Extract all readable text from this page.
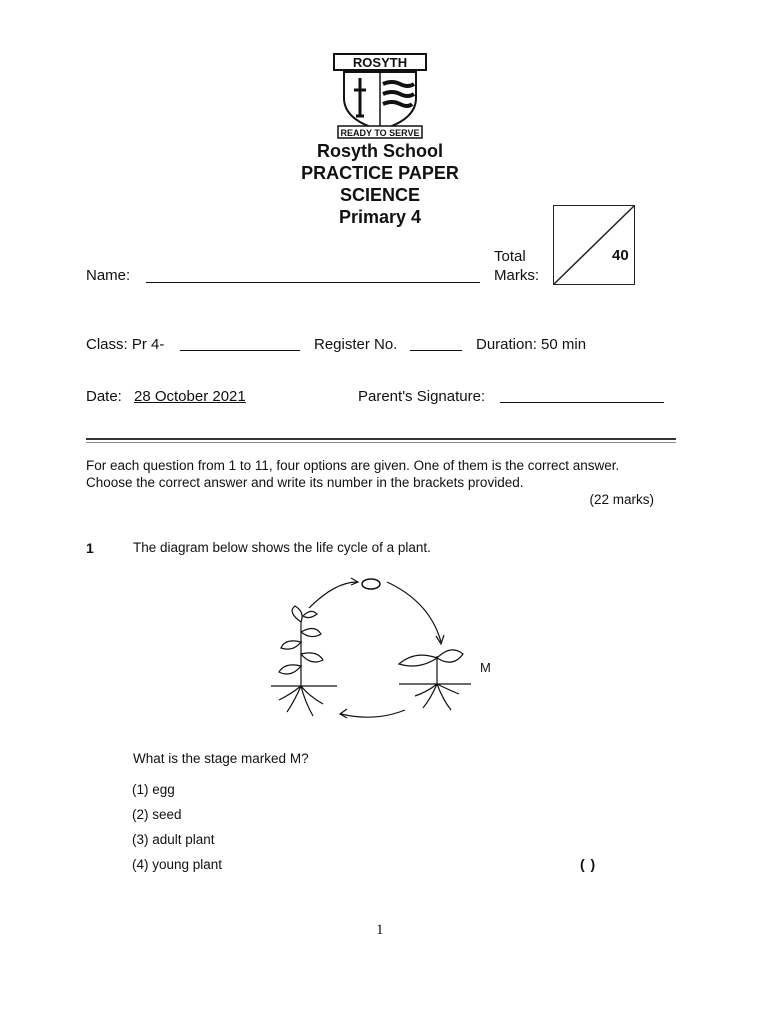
ROSYTH
READY TO SERVE
Rosyth School
PRACTICE PAPER
SCIENCE
Primary 4
Total
Marks:
40
Name:
Class: Pr 4-	Register No.	Duration: 50 min
Date: 28 October 2021	Parent's Signature:
For each question from 1 to 11, four options are given. One of them is the correct answer. Choose the correct answer and write its number in the brackets provided.
(22 marks)
1	The diagram below shows the life cycle of a plant.
M
What is the stage marked M?
(1) egg
(2) seed
(3) adult plant
(4) young plant	( )
1
